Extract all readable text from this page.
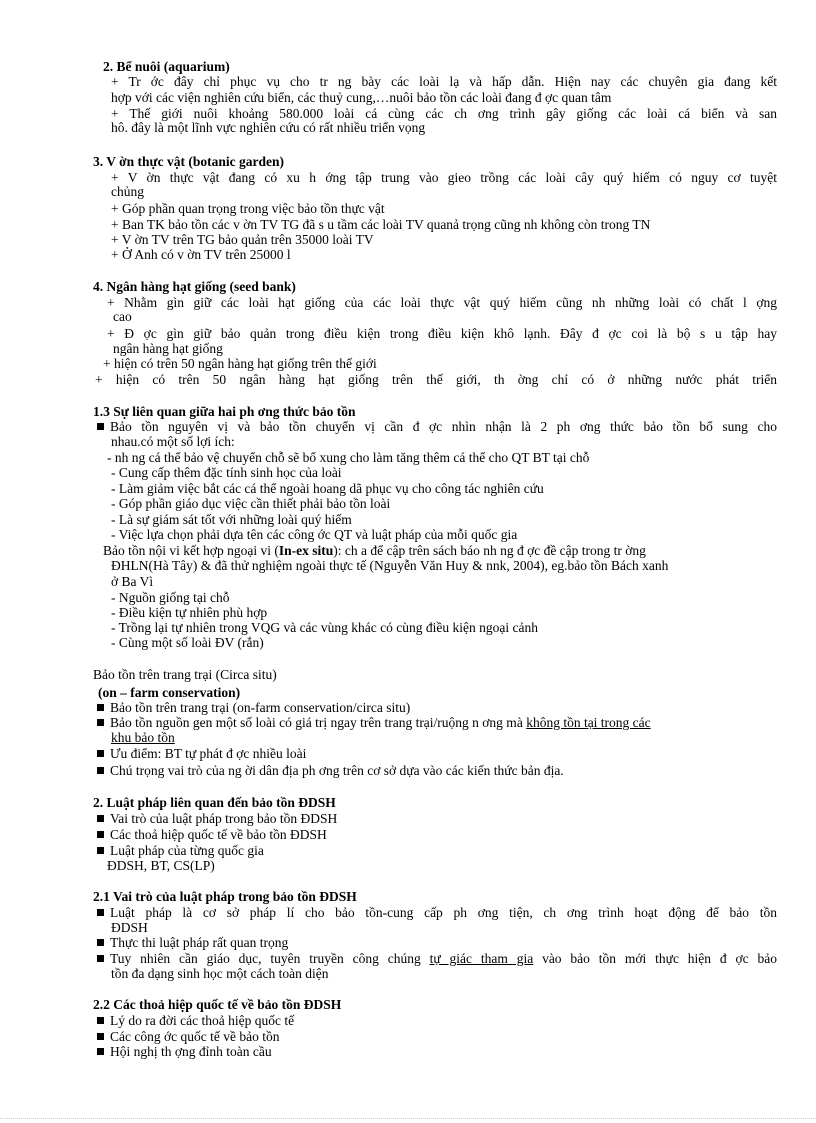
2. Bể nuôi (aquarium)
+ Tr ớc đây chỉ phục vụ cho tr ng bày các loài lạ và hấp dẫn. Hiện nay các chuyên gia đang kết
hợp với các viện nghiên cứu biển, các thuỷ cung,…nuôi bảo tồn các loài đang đ ợc quan tâm
+ Thế giới nuôi khoảng 580.000 loài cá cùng các ch ơng trình gây giống các loài cá biển và san
hô. đây là một lĩnh vực nghiên cứu có rất nhiều triển vọng
3. V ờn thực vật (botanic garden)
+ V ờn thực vật đang có xu h ớng tập trung vào gieo trồng các loài cây quý hiếm có nguy cơ tuyệt
chủng
+ Góp phần quan trọng trong việc bảo tồn thực vật
+ Ban TK bảo tồn các v ờn TV TG đã s u tầm các loài TV quanả trọng cũng nh không còn trong TN
+ V ờn TV trên TG bảo quản trên 35000 loài TV
+ Ở Anh có v ờn TV trên 25000 l
4. Ngân hàng hạt giống (seed bank)
+ Nhằm gìn giữ các loài hạt giống của các loài thực vật quý hiếm cũng nh những loài có chất l ợng
cao
+ Đ ợc gìn giữ bảo quản trong điều kiện trong điều kiện khô lạnh. Đây đ ợc coi là bộ s u tập hay
ngân hàng hạt giống
+ hiện có trên 50 ngân hàng hạt giống trên thế giới
+ hiện có trên 50 ngân hàng hạt giống trên thế giới, th ờng chỉ có ở những nước phát triển
1.3 Sự liên quan giữa hai ph ơng thức bảo tồn
Bảo tồn nguyên vị và bảo tồn chuyển vị cần đ ợc nhìn nhận là 2 ph ơng thức bảo tồn bổ sung cho
nhau.có một số lợi ích:
- nh ng cá thể bảo vệ chuyển chỗ sẽ bổ xung cho làm tăng thêm cá thể cho QT BT tại chỗ
- Cung cấp thêm đặc tính sinh học của loài
- Làm giảm việc bắt các cá thể ngoài hoang dã phục vụ cho công tác nghiên cứu
- Góp phần giáo dục việc cần thiết phải bảo tồn loài
- Là sự giám sát tốt với những loài quý hiếm
- Việc lựa chọn phải dựa tên các công ớc QT và luật pháp của mỗi quốc gia
Bảo tồn nội vi kết hợp ngoại vi (In-ex situ): ch a để cập trên sách báo nh ng đ ợc đề cập trong tr ờng
ĐHLN(Hà Tây) & đã thử nghiệm ngoài thực tế (Nguyễn Văn Huy & nnk, 2004), eg.bảo tồn Bách xanh
ở Ba Vì
- Nguồn giống tại chỗ
- Điều kiện tự nhiên phù hợp
- Trồng lại tự nhiên trong VQG và các vùng khác có cùng điều kiện ngoại cảnh
- Cùng một số loài ĐV (rắn)
Bảo tồn trên trang trại (Circa situ)
(on – farm conservation)
Bảo tồn trên trang trại (on-farm conservation/circa situ)
Bảo tồn nguồn gen một số loài có giá trị ngay trên trang trại/ruộng n ơng mà không tồn tại trong các
khu bảo tồn
Ưu điểm: BT tự phát đ ợc nhiều loài
Chú trọng vai trò của ng ời dân địa ph ơng trên cơ sở dựa vào các kiến thức bản địa.
2. Luật pháp liên quan đến bảo tồn ĐDSH
Vai trò của luật pháp trong bảo tồn ĐDSH
Các thoả hiệp quốc tế về bảo tồn ĐDSH
Luật pháp của từng quốc gia
ĐDSH, BT, CS(LP)
2.1 Vai trò của luật pháp trong bảo tồn ĐDSH
Luật pháp là cơ sở pháp lí cho bảo tồn-cung cấp ph ơng tiện, ch ơng trình hoạt động để bảo tồn
ĐDSH
Thực thi luật pháp rất quan trọng
Tuy nhiên cần giáo dục, tuyên truyền công chúng tự giác tham gia vào bảo tồn mới thực hiện đ ợc bảo
tồn đa dạng sinh học một cách toàn diện
2.2 Các thoả hiệp quốc tế về bảo tồn ĐDSH
Lý do ra đời các thoả hiệp quốc tế
Các công ớc quốc tế về bảo tồn
Hội nghị th ợng đỉnh toàn cầu
